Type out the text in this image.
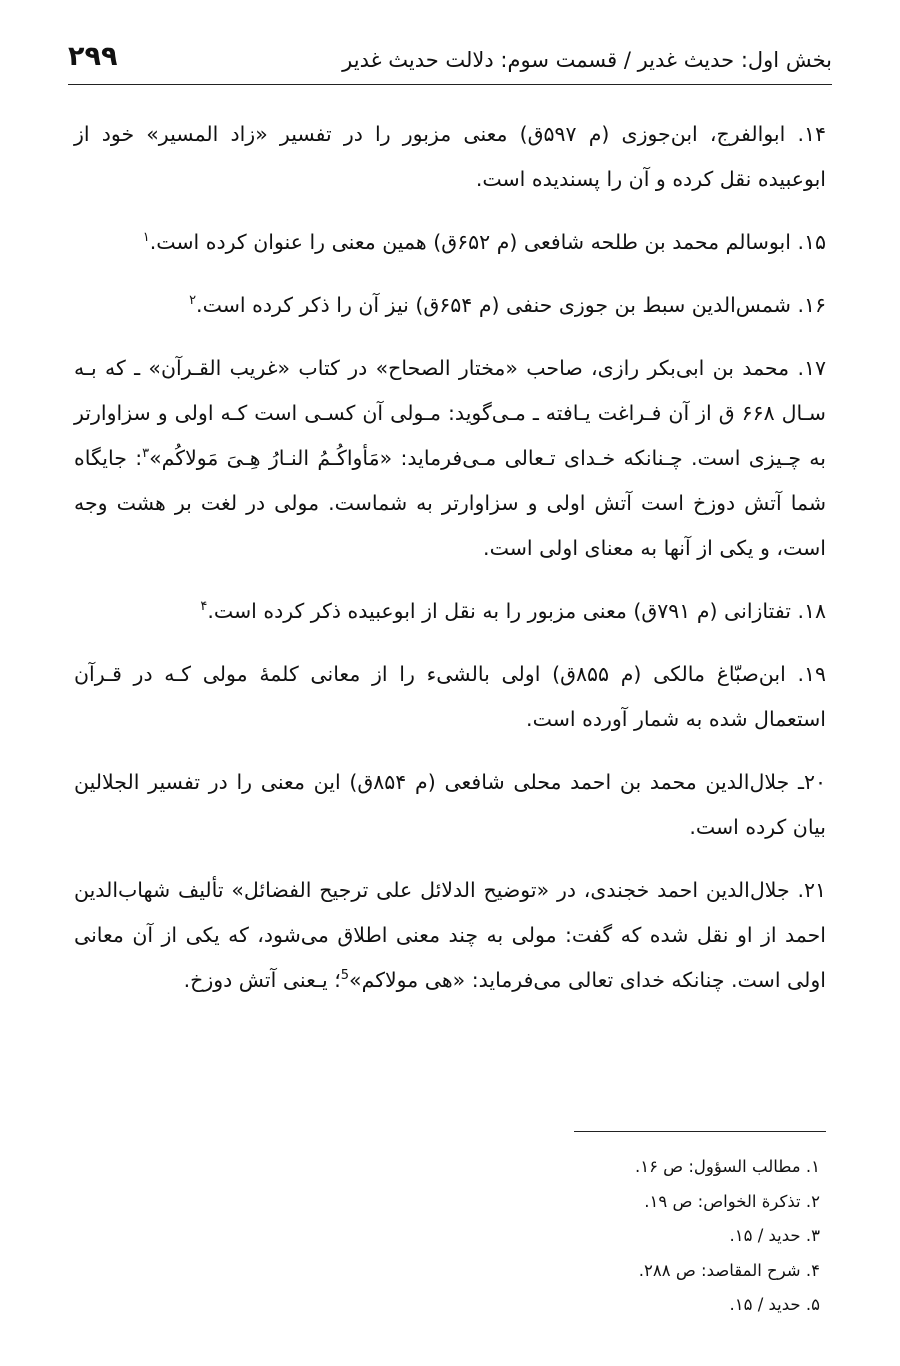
بخش اول: حدیث غدیر / قسمت سوم: دلالت حدیث غدیر
۲۹۹

۱۴. ابوالفرج، ابن‌جوزی (م ۵۹۷ق) معنی مزبور را در تفسیر «زاد المسیر» خود از ابوعبیده نقل کرده و آن را پسندیده است.

۱۵. ابوسالم محمد بن طلحه شافعی (م ۶۵۲ق) همین معنی را عنوان کرده است.$^۱$

۱۶. شمس‌الدین سبط بن جوزی حنفی (م ۶۵۴ق) نیز آن را ذکر کرده است.$^۲$

۱۷. محمد بن ابی‌بکر رازی، صاحب «مختار الصحاح» در کتاب «غریب القـرآن» ـ که بـه سـال ۶۶۸ ق از آن فـراغت یـافته ـ مـی‌گوید: مـولی آن کسـی است کـه اولی و سزاوارتر به چـیزی است. چـنانکه خـدای تـعالی مـی‌فرماید: «مَأواکُـمُ النـارُ هِـیَ مَولاکُم»$^۳$: جایگاه شما آتش دوزخ است آتش اولی و سزاوارتر به شماست. مولی در لغت بر هشت وجه است، و یکی از آنها به معنای اولی است.

۱۸. تفتازانی (م ۷۹۱ق) معنی مزبور را به نقل از ابوعبیده ذکر کرده است.$^۴$

۱۹. ابن‌صبّاغ مالکی (م ۸۵۵ق) اولی بالشیء را از معانی کلمهٔ مولی کـه در قـرآن استعمال شده به شمار آورده است.

۲۰ـ جلال‌الدین محمد بن احمد محلی شافعی (م ۸۵۴ق) این معنی را در تفسیر الجلالین بیان کرده است.

۲۱. جلال‌الدین احمد خجندی، در «توضیح الدلائل علی ترجیح الفضائل» تألیف شهاب‌الدین احمد از او نقل شده که گفت: مولی به چند معنی اطلاق می‌شود، که یکی از آن معانی اولی است. چنانکه خدای تعالی می‌فرماید: «هی مولاکم»$^5$؛ یـعنی آتش دوزخ.

۱. مطالب السؤول: ص ۱۶.
۲. تذکرة الخواص: ص ۱۹.
۳. حدید / ۱۵.
۴. شرح المقاصد: ص ۲۸۸.
۵. حدید / ۱۵.
